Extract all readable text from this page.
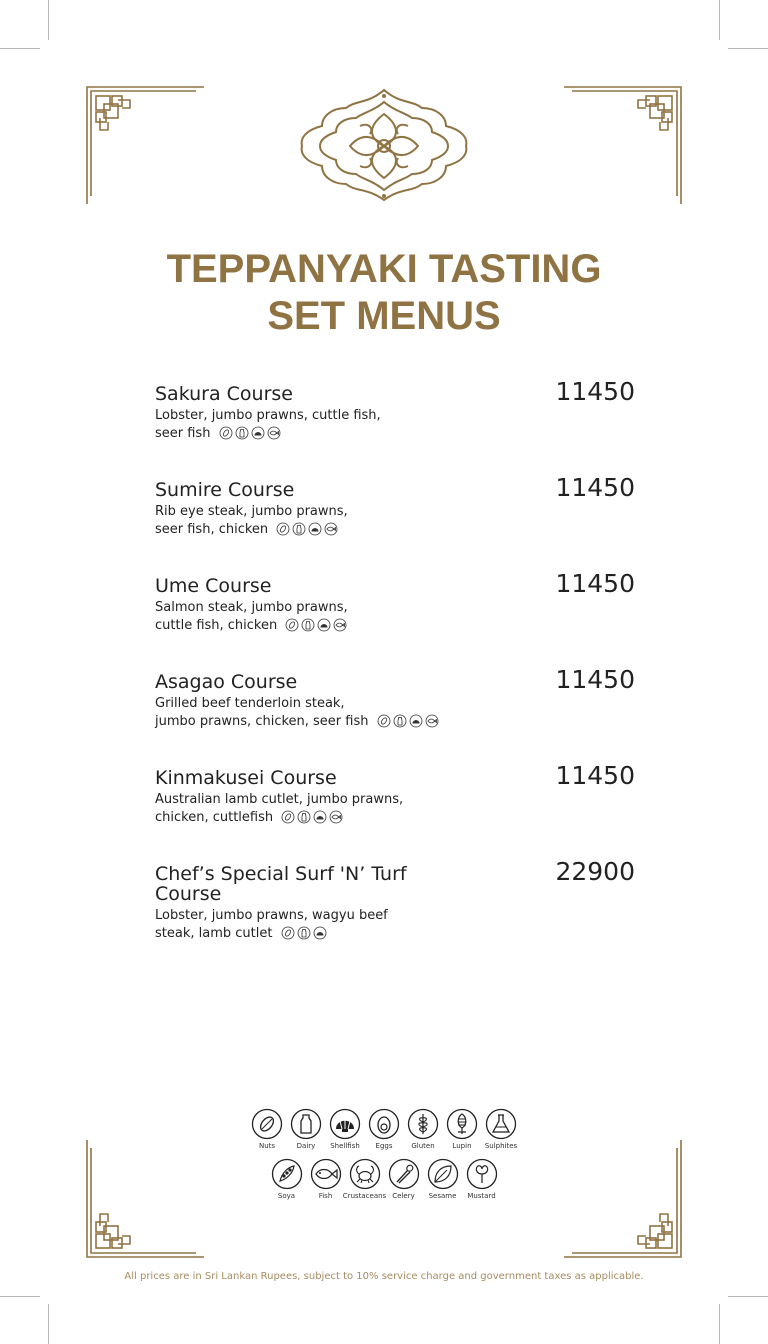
TEPPANYAKI TASTING
SET MENUS
Sakura Course
Lobster, jumbo prawns, cuttle fish,
seer fish
11450
Sumire Course
Rib eye steak, jumbo prawns,
seer fish, chicken
11450
Ume Course
Salmon steak, jumbo prawns,
cuttle fish, chicken
11450
Asagao Course
Grilled beef tenderloin steak,
jumbo prawns, chicken, seer fish
11450
Kinmakusei Course
Australian lamb cutlet, jumbo prawns,
chicken, cuttlefish
11450
Chef’s Special Surf 'N’ Turf
Course
Lobster, jumbo prawns, wagyu beef
steak, lamb cutlet
22900
Nuts	Dairy Shellfish Eggs	Gluten	Lupin Sulphites
Soya	Fish Crustaceans Celery Sesame Mustard
All prices are in Sri Lankan Rupees, subject to 10% service charge and government taxes as applicable.
